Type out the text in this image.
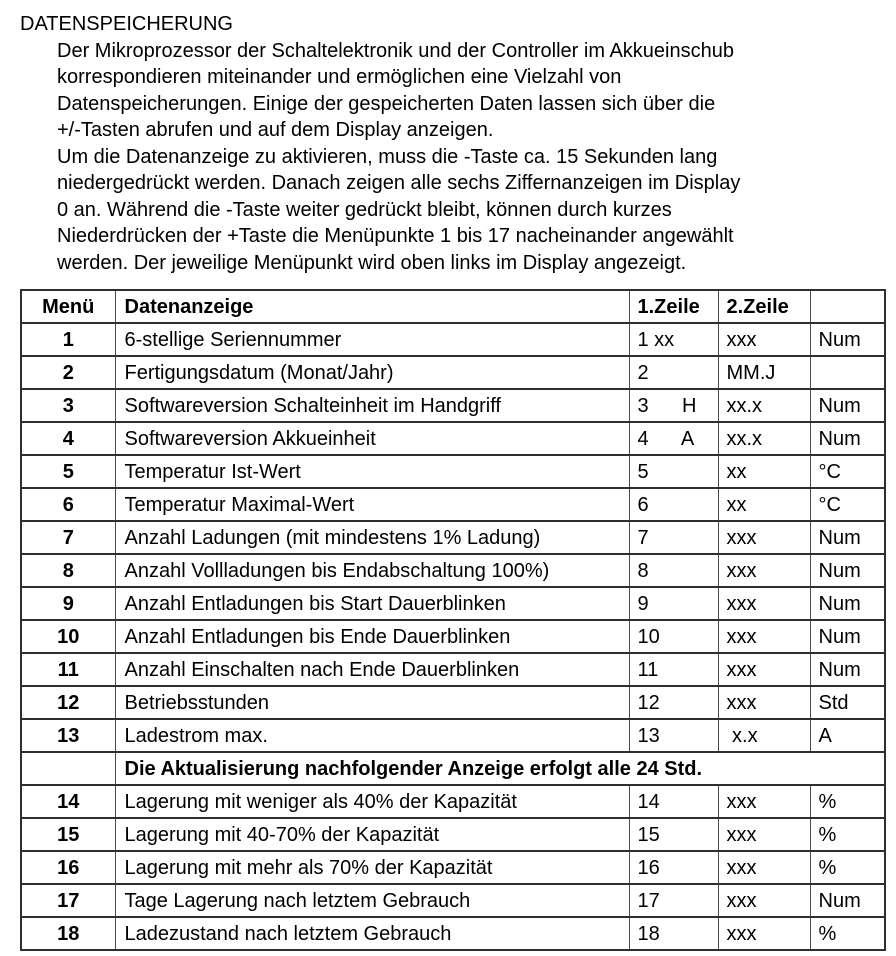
DATENSPEICHERUNG
Der Mikroprozessor der Schaltelektronik und der Controller im Akkueinschub
korrespondieren miteinander und ermöglichen eine Vielzahl von
Datenspeicherungen. Einige der gespeicherten Daten lassen sich über die
+/-Tasten abrufen und auf dem Display anzeigen.
Um die Datenanzeige zu aktivieren, muss die -Taste ca. 15 Sekunden lang
niedergedrückt werden. Danach zeigen alle sechs Ziffernanzeigen im Display
0 an. Während die -Taste weiter gedrückt bleibt, können durch kurzes
Niederdrücken der +Taste die Menüpunkte 1 bis 17 nacheinander angewählt
werden. Der jeweilige Menüpunkt wird oben links im Display angezeigt.
Menü	Datenanzeige	1.Zeile	2.Zeile	
1	6-stellige Seriennummer	1 xx	xxx	Num
2	Fertigungsdatum (Monat/Jahr)	2	MM.J	
3	Softwareversion Schalteinheit im Handgriff	3      H	xx.x	Num
4	Softwareversion Akkueinheit	4      A	xx.x	Num
5	Temperatur Ist-Wert	5	xx	°C
6	Temperatur Maximal-Wert	6	xx	°C
7	Anzahl Ladungen (mit mindestens 1% Ladung)	7	xxx	Num
8	Anzahl Vollladungen bis Endabschaltung 100%)	8	xxx	Num
9	Anzahl Entladungen bis Start Dauerblinken	9	xxx	Num
10	Anzahl Entladungen bis Ende Dauerblinken	10	xxx	Num
11	Anzahl Einschalten nach Ende Dauerblinken	11	xxx	Num
12	Betriebsstunden	12	xxx	Std
13	Ladestrom max.	13	x.x	A
	Die Aktualisierung nachfolgender Anzeige erfolgt alle 24 Std.			
14	Lagerung mit weniger als 40% der Kapazität	14	xxx	%
15	Lagerung mit 40-70% der Kapazität	15	xxx	%
16	Lagerung mit mehr als 70% der Kapazität	16	xxx	%
17	Tage Lagerung nach letztem Gebrauch	17	xxx	Num
18	Ladezustand nach letztem Gebrauch	18	xxx	%
